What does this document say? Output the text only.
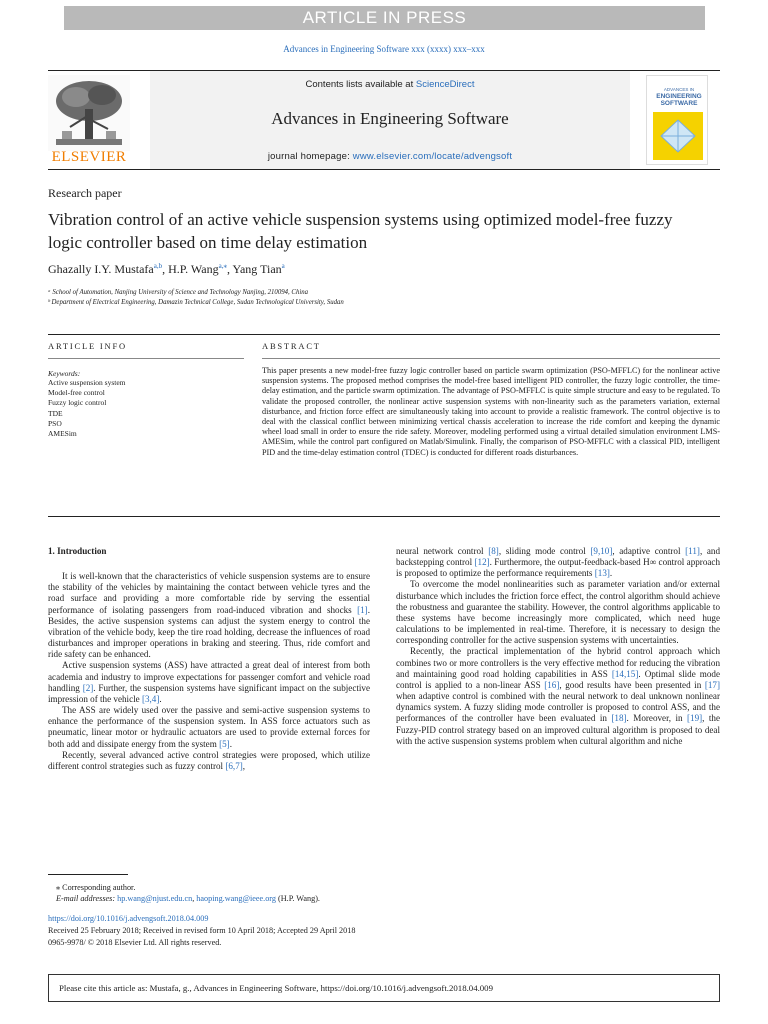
ARTICLE IN PRESS
Advances in Engineering Software xxx (xxxx) xxx–xxx
ELSEVIER
Contents lists available at ScienceDirect
Advances in Engineering Software
journal homepage: www.elsevier.com/locate/advengsoft
ADVANCES IN
ENGINEERING
SOFTWARE
Research paper
Vibration control of an active vehicle suspension systems using optimized model-free fuzzy logic controller based on time delay estimation
Ghazally I.Y. Mustafa$^{a,b}$, H.P. Wang$^{a,⁎}$, Yang Tian$^a$
ᵃ School of Automation, Nanjing University of Science and Technology Nanjing, 210094, China
ᵇ Department of Electrical Engineering, Damazin Technical College, Sudan Technological University, Sudan
ARTICLE INFO	ABSTRACT
Keywords:
Active suspension system
Model-free control
Fuzzy logic control
TDE
PSO
AMESim
This paper presents a new model-free fuzzy logic controller based on particle swarm optimization (PSO-MFFLC) for the nonlinear active suspension systems. The proposed method comprises the model-free based intelligent PID controller, the fuzzy logic controller, the time-delay estimation, and the particle swarm optimization. The advantage of PSO-MFFLC is quite simple structure and easy to be regulated. To validate the proposed controller, the nonlinear active suspension systems with non-linearity such as the parameters variation, external disturbance, and friction force effect are simultaneously taking into account to provide a realistic framework. The control objective is to deal with the classical conflict between minimizing vertical chassis acceleration to increase the ride comfort and keeping the dynamic wheel load small in order to ensure the ride safety. Moreover, modeling performed using a virtual detailed simulation environment LMS-AMESim, while the control part configured on Matlab/Simulink. Finally, the comparison of PSO-MFFLC with a classical PID, intelligent PID and the time-delay estimation control (TDEC) is conducted for different roads disturbances.
1. Introduction

It is well-known that the characteristics of vehicle suspension systems are to ensure the stability of the vehicles by maintaining the contact between vehicle tyres and the road surface and providing a more comfortable ride by serving the essential performance of isolating passengers from road-induced vibration and shocks [1]. Besides, the active suspension systems can adjust the system energy to control the vibration of the vehicle body, keep the tire road holding, decrease the influences of road disturbances and improper operations in braking and steering. Thus, ride comfort and ride safety can be enhanced.

Active suspension systems (ASS) have attracted a great deal of interest from both academia and industry to improve expectations for passenger comfort and vehicle road handling [2]. Further, the suspension systems have significant impact on the subjective impression of the vehicle [3,4].

The ASS are widely used over the passive and semi-active suspension systems to enhance the performance of the suspension system. In ASS force actuators such as pneumatic, linear motor or hydraulic actuators are used to provide external forces for both add and dissipate energy from the system [5].

Recently, several advanced active control strategies were proposed, which utilize different control strategies such as fuzzy control [6,7],

neural network control [8], sliding mode control [9,10], adaptive control [11], and backstepping control [12]. Furthermore, the output-feedback-based H∞ control approach is proposed to optimize the performance requirements [13].

To overcome the model nonlinearities such as parameter variation and/or external disturbance which includes the friction force effect, the control algorithm should achieve the robustness and guarantee the stability. However, the control algorithms applicable to these systems have become increasingly more complicated, which need huge calculations to be implemented in real-time. Therefore, it is necessary to design the corresponding controller for the active suspension systems with uncertainties.

Recently, the practical implementation of the hybrid control approach which combines two or more controllers is the very effective method for reducing the vibration and maintaining good road holding capabilities in ASS [14,15]. Optimal slide mode control is applied to a non-linear ASS [16], good results have been presented in [17] when adaptive control is combined with the neural network to deal unknown nonlinear dynamics system. A fuzzy sliding mode controller is proposed to control ASS, and the performances of the controller have been evaluated in [18]. Moreover, in [19], the Fuzzy-PID control strategy based on an improved cultural algorithm is proposed to deal with the active suspension systems problem when cultural algorithm and niche

⁎ Corresponding author.
E-mail addresses: hp.wang@njust.edu.cn, haoping.wang@ieee.org (H.P. Wang).
https://doi.org/10.1016/j.advengsoft.2018.04.009
Received 25 February 2018; Received in revised form 10 April 2018; Accepted 29 April 2018
0965-9978/ © 2018 Elsevier Ltd. All rights reserved.
Please cite this article as: Mustafa, g., Advances in Engineering Software, https://doi.org/10.1016/j.advengsoft.2018.04.009
